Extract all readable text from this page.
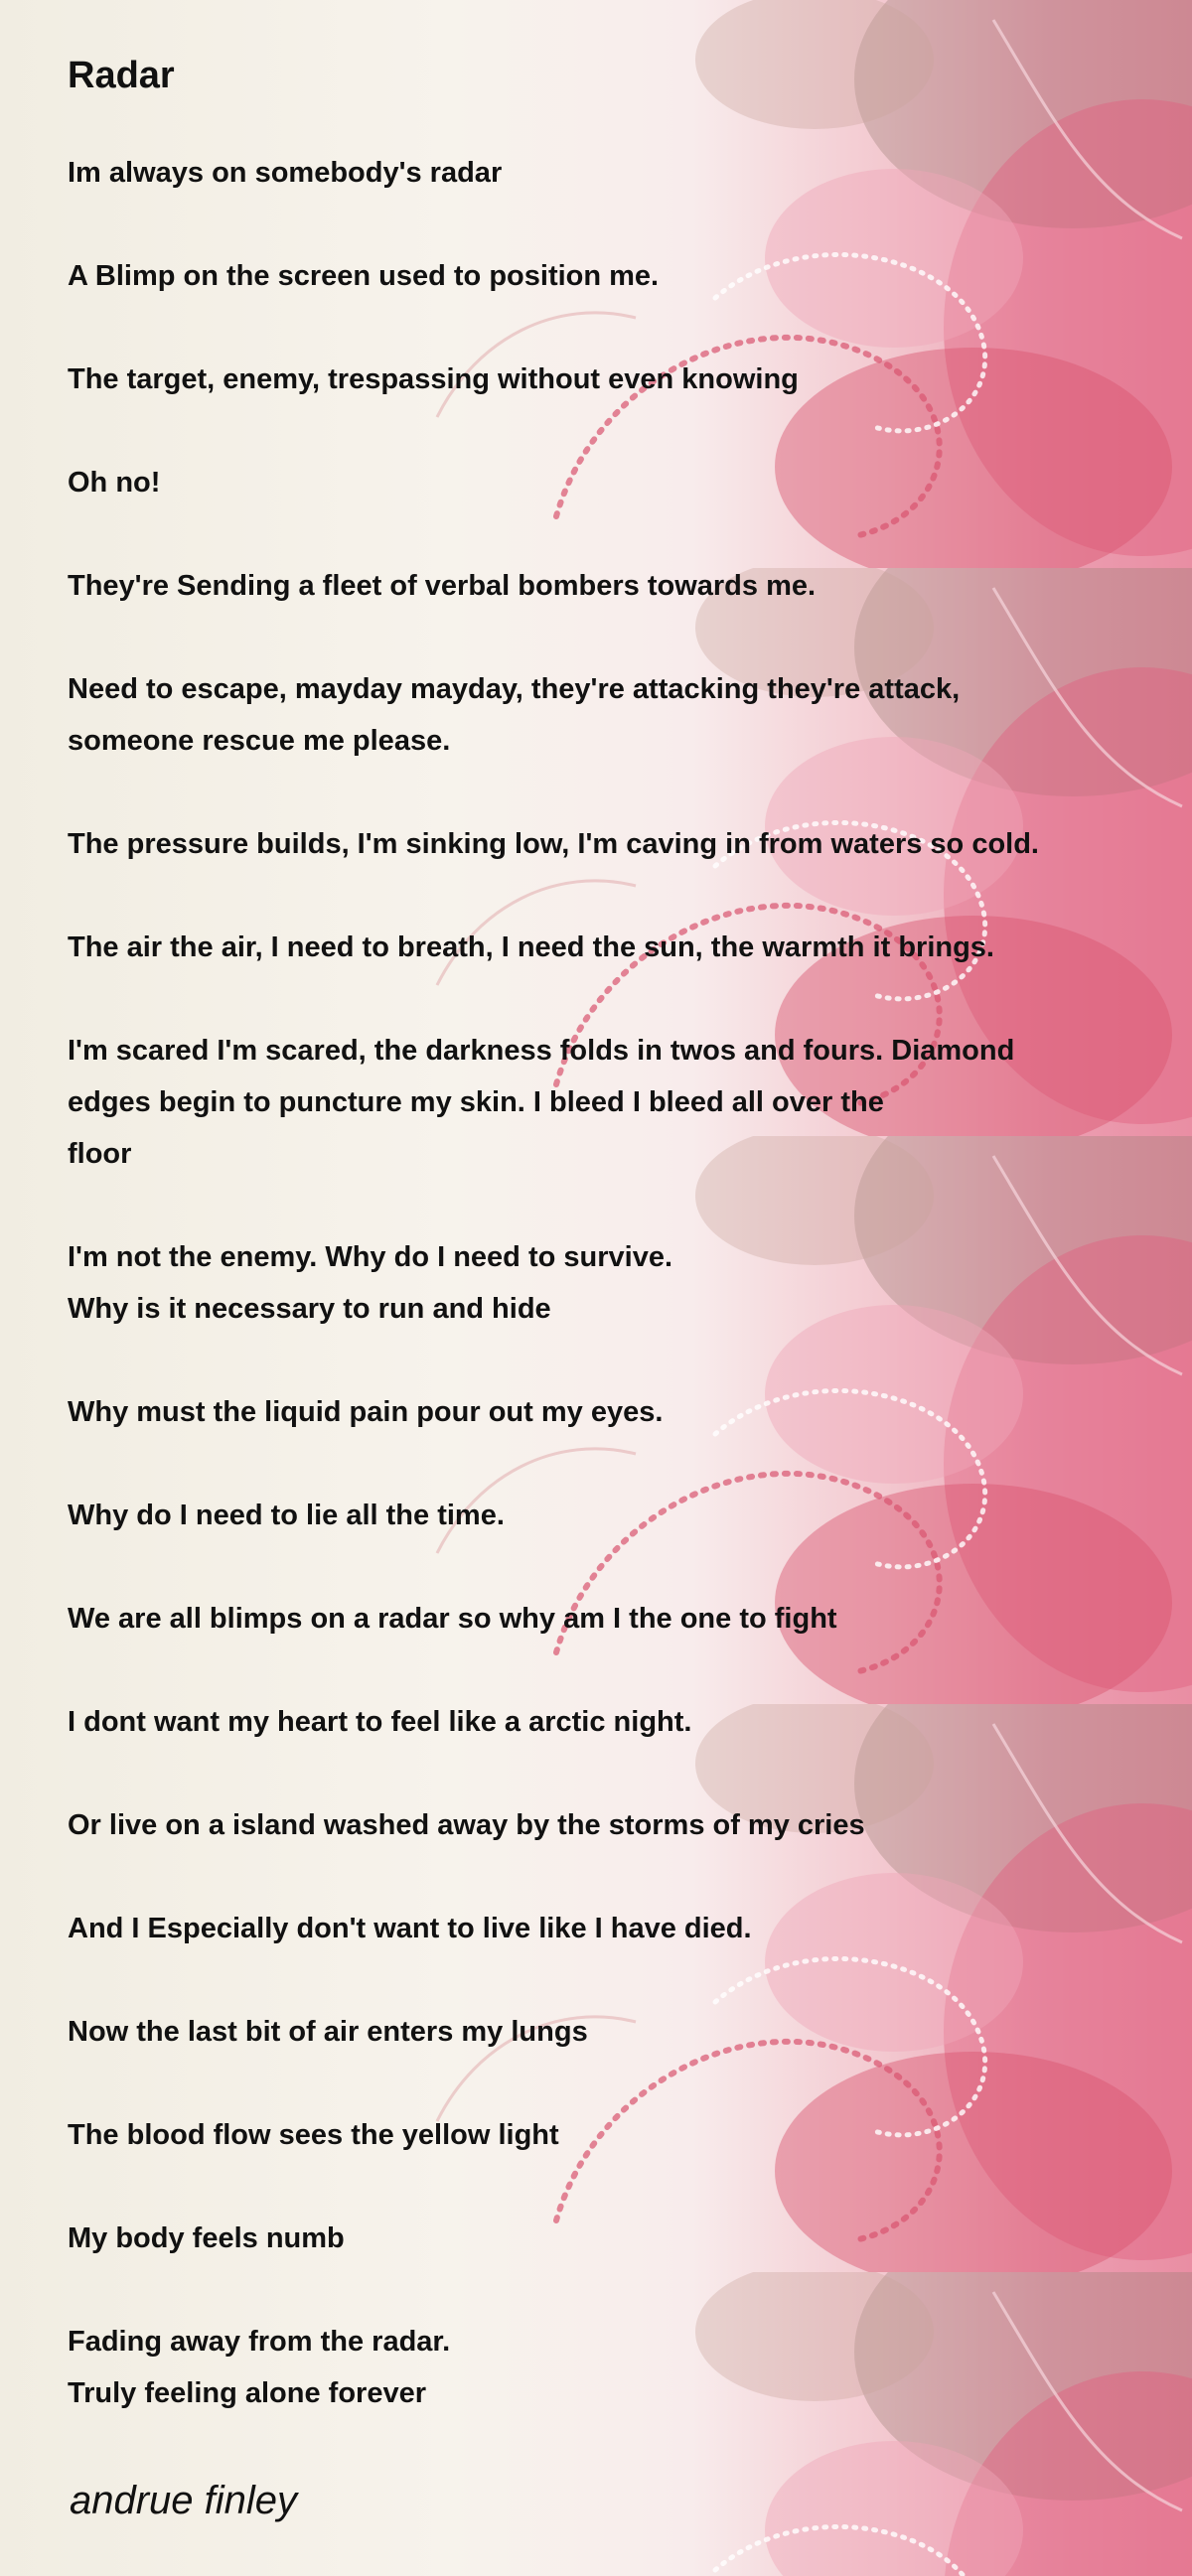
Radar

Im always on somebody's radar

A Blimp on the screen used to position me.

The target, enemy, trespassing without even knowing

Oh no!

They're Sending a fleet of verbal bombers towards me.

Need to escape, mayday mayday, they're attacking they're attack,
someone rescue me please.

The pressure builds, I'm sinking low, I'm caving in from waters so cold.

The air the air, I need to breath, I need the sun, the warmth it brings.

I'm scared I'm scared, the darkness folds in twos and fours. Diamond
edges begin to puncture my skin. I bleed I bleed all over the
floor

I'm not the enemy. Why do I need to survive.
Why is it necessary to run and hide

Why must the liquid pain pour out my eyes.

Why do I need to lie all the time.

We are all blimps on a radar so why am I the one to fight

I dont want my heart to feel like a arctic night.

Or live on a island washed away by the storms of my cries

And I Especially don't want to live like I have died.

Now the last bit of air enters my lungs

The blood flow sees the yellow light

My body feels numb

Fading away from the radar.
Truly feeling alone forever

andrue finley
